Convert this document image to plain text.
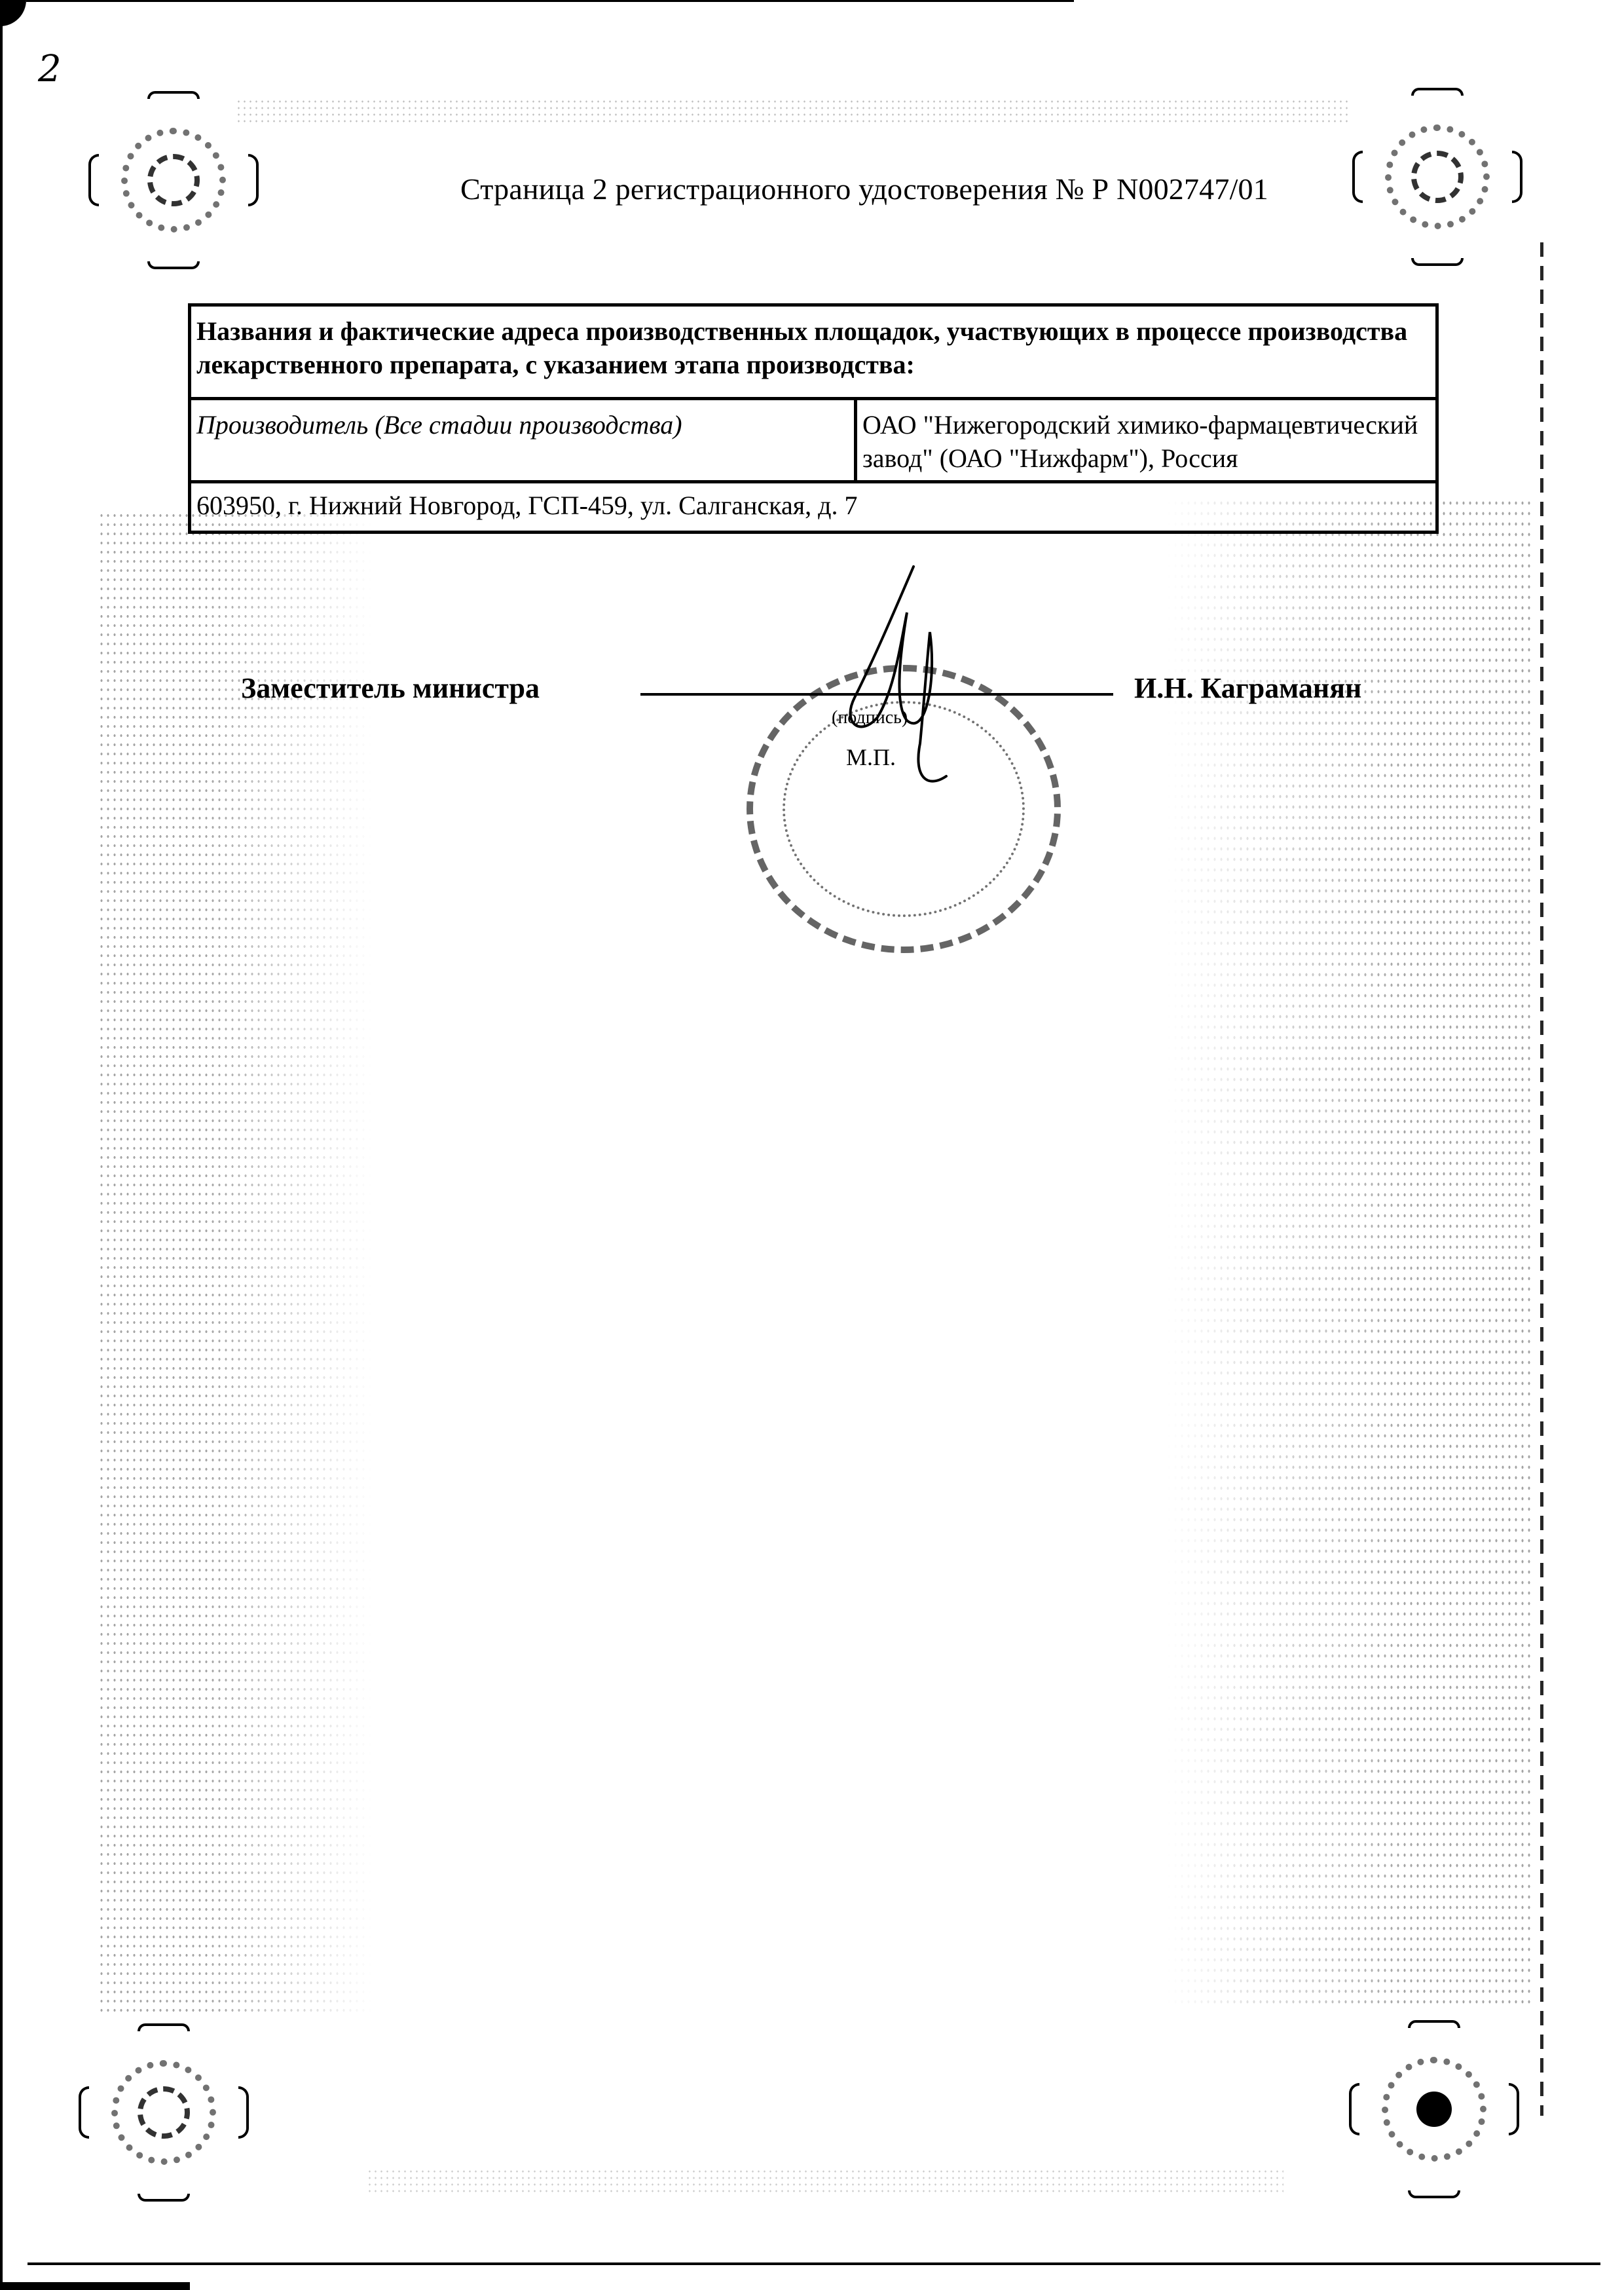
2
Страница 2 регистрационного удостоверения № Р N002747/01
Названия и фактические адреса производственных площадок, участвующих в процессе производства лекарственного препарата, с указанием этапа производства:
Производитель (Все стадии производства)	ОАО "Нижегородский химико-фармацевтический завод" (ОАО "Нижфарм"), Россия
603950, г. Нижний Новгород, ГСП-459, ул. Салганская, д. 7
Заместитель министра
(подпись)
М.П.
И.Н. Каграманян
